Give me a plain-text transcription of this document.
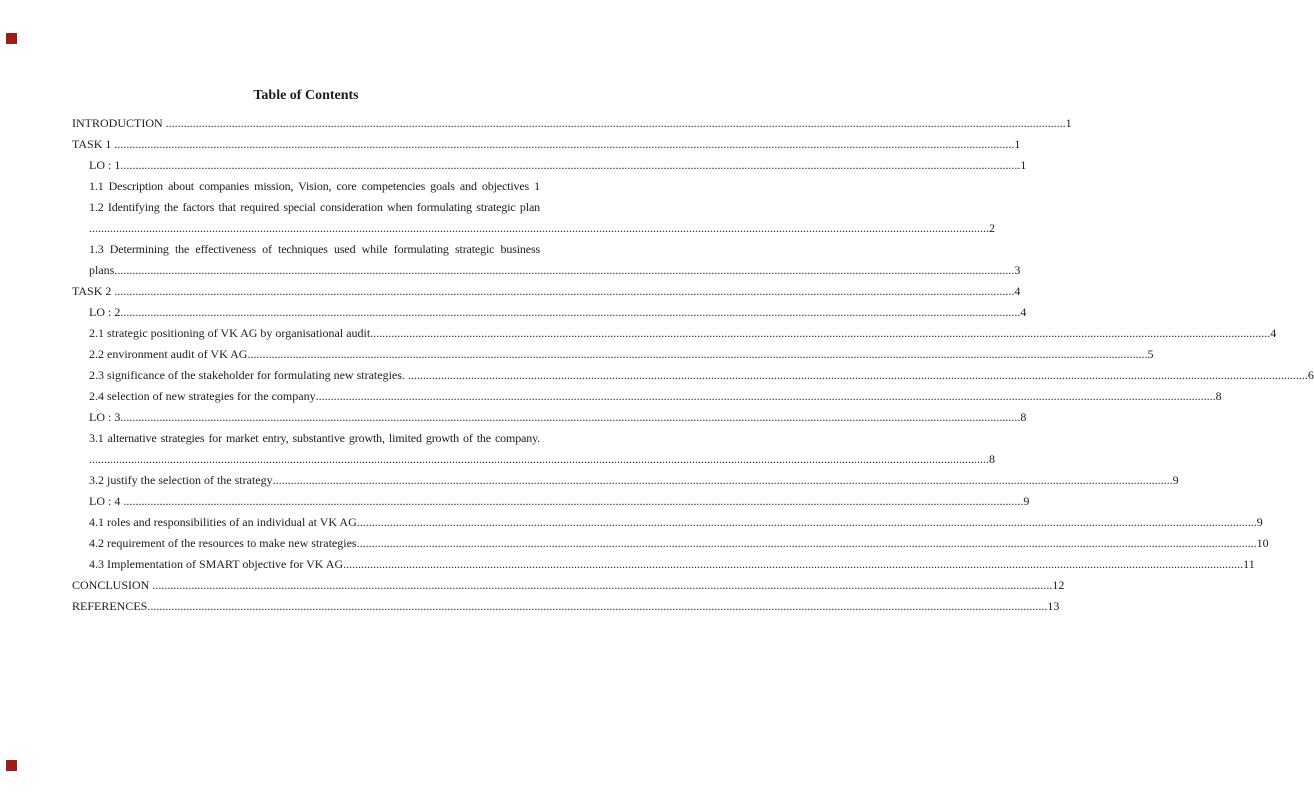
Table of Contents
INTRODUCTION ............................................................................................................................................................................................................................................................................................................ 1
TASK 1 ............................................................................................................................................................................................................................................................................................................ 1
LO : 1 ............................................................................................................................................................................................................................................................................................................ 1
1.1 Description about companies mission, Vision, core competencies goals and objectives 1
1.2 Identifying the factors that required special consideration when formulating strategic plan
............................................................................................................................................................................................................................................................................................................ 2
1.3 Determining the effectiveness of techniques used while formulating strategic business
plans ............................................................................................................................................................................................................................................................................................................ 3
TASK 2 ............................................................................................................................................................................................................................................................................................................ 4
LO : 2 ............................................................................................................................................................................................................................................................................................................ 4
2.1 strategic positioning of VK AG by organisational audit ............................................................................................................................................................................................................................................................................................................ 4
2.2 environment audit of VK AG ............................................................................................................................................................................................................................................................................................................ 5
2.3 significance of the stakeholder for formulating new strategies. ............................................................................................................................................................................................................................................................................................................ 6
2.4 selection of new strategies for the company ............................................................................................................................................................................................................................................................................................................ 8
LO : 3 ............................................................................................................................................................................................................................................................................................................ 8
3.1 alternative strategies for market entry, substantive growth, limited growth of the company.
............................................................................................................................................................................................................................................................................................................ 8
3.2 justify the selection of the strategy ............................................................................................................................................................................................................................................................................................................ 9
LO : 4 ............................................................................................................................................................................................................................................................................................................ 9
4.1 roles and responsibilities of an individual at VK AG ............................................................................................................................................................................................................................................................................................................ 9
4.2 requirement of the resources to make new strategies ............................................................................................................................................................................................................................................................................................................ 10
4.3 Implementation of SMART objective for VK AG ............................................................................................................................................................................................................................................................................................................ 11
CONCLUSION ............................................................................................................................................................................................................................................................................................................ 12
REFERENCES ............................................................................................................................................................................................................................................................................................................ 13
